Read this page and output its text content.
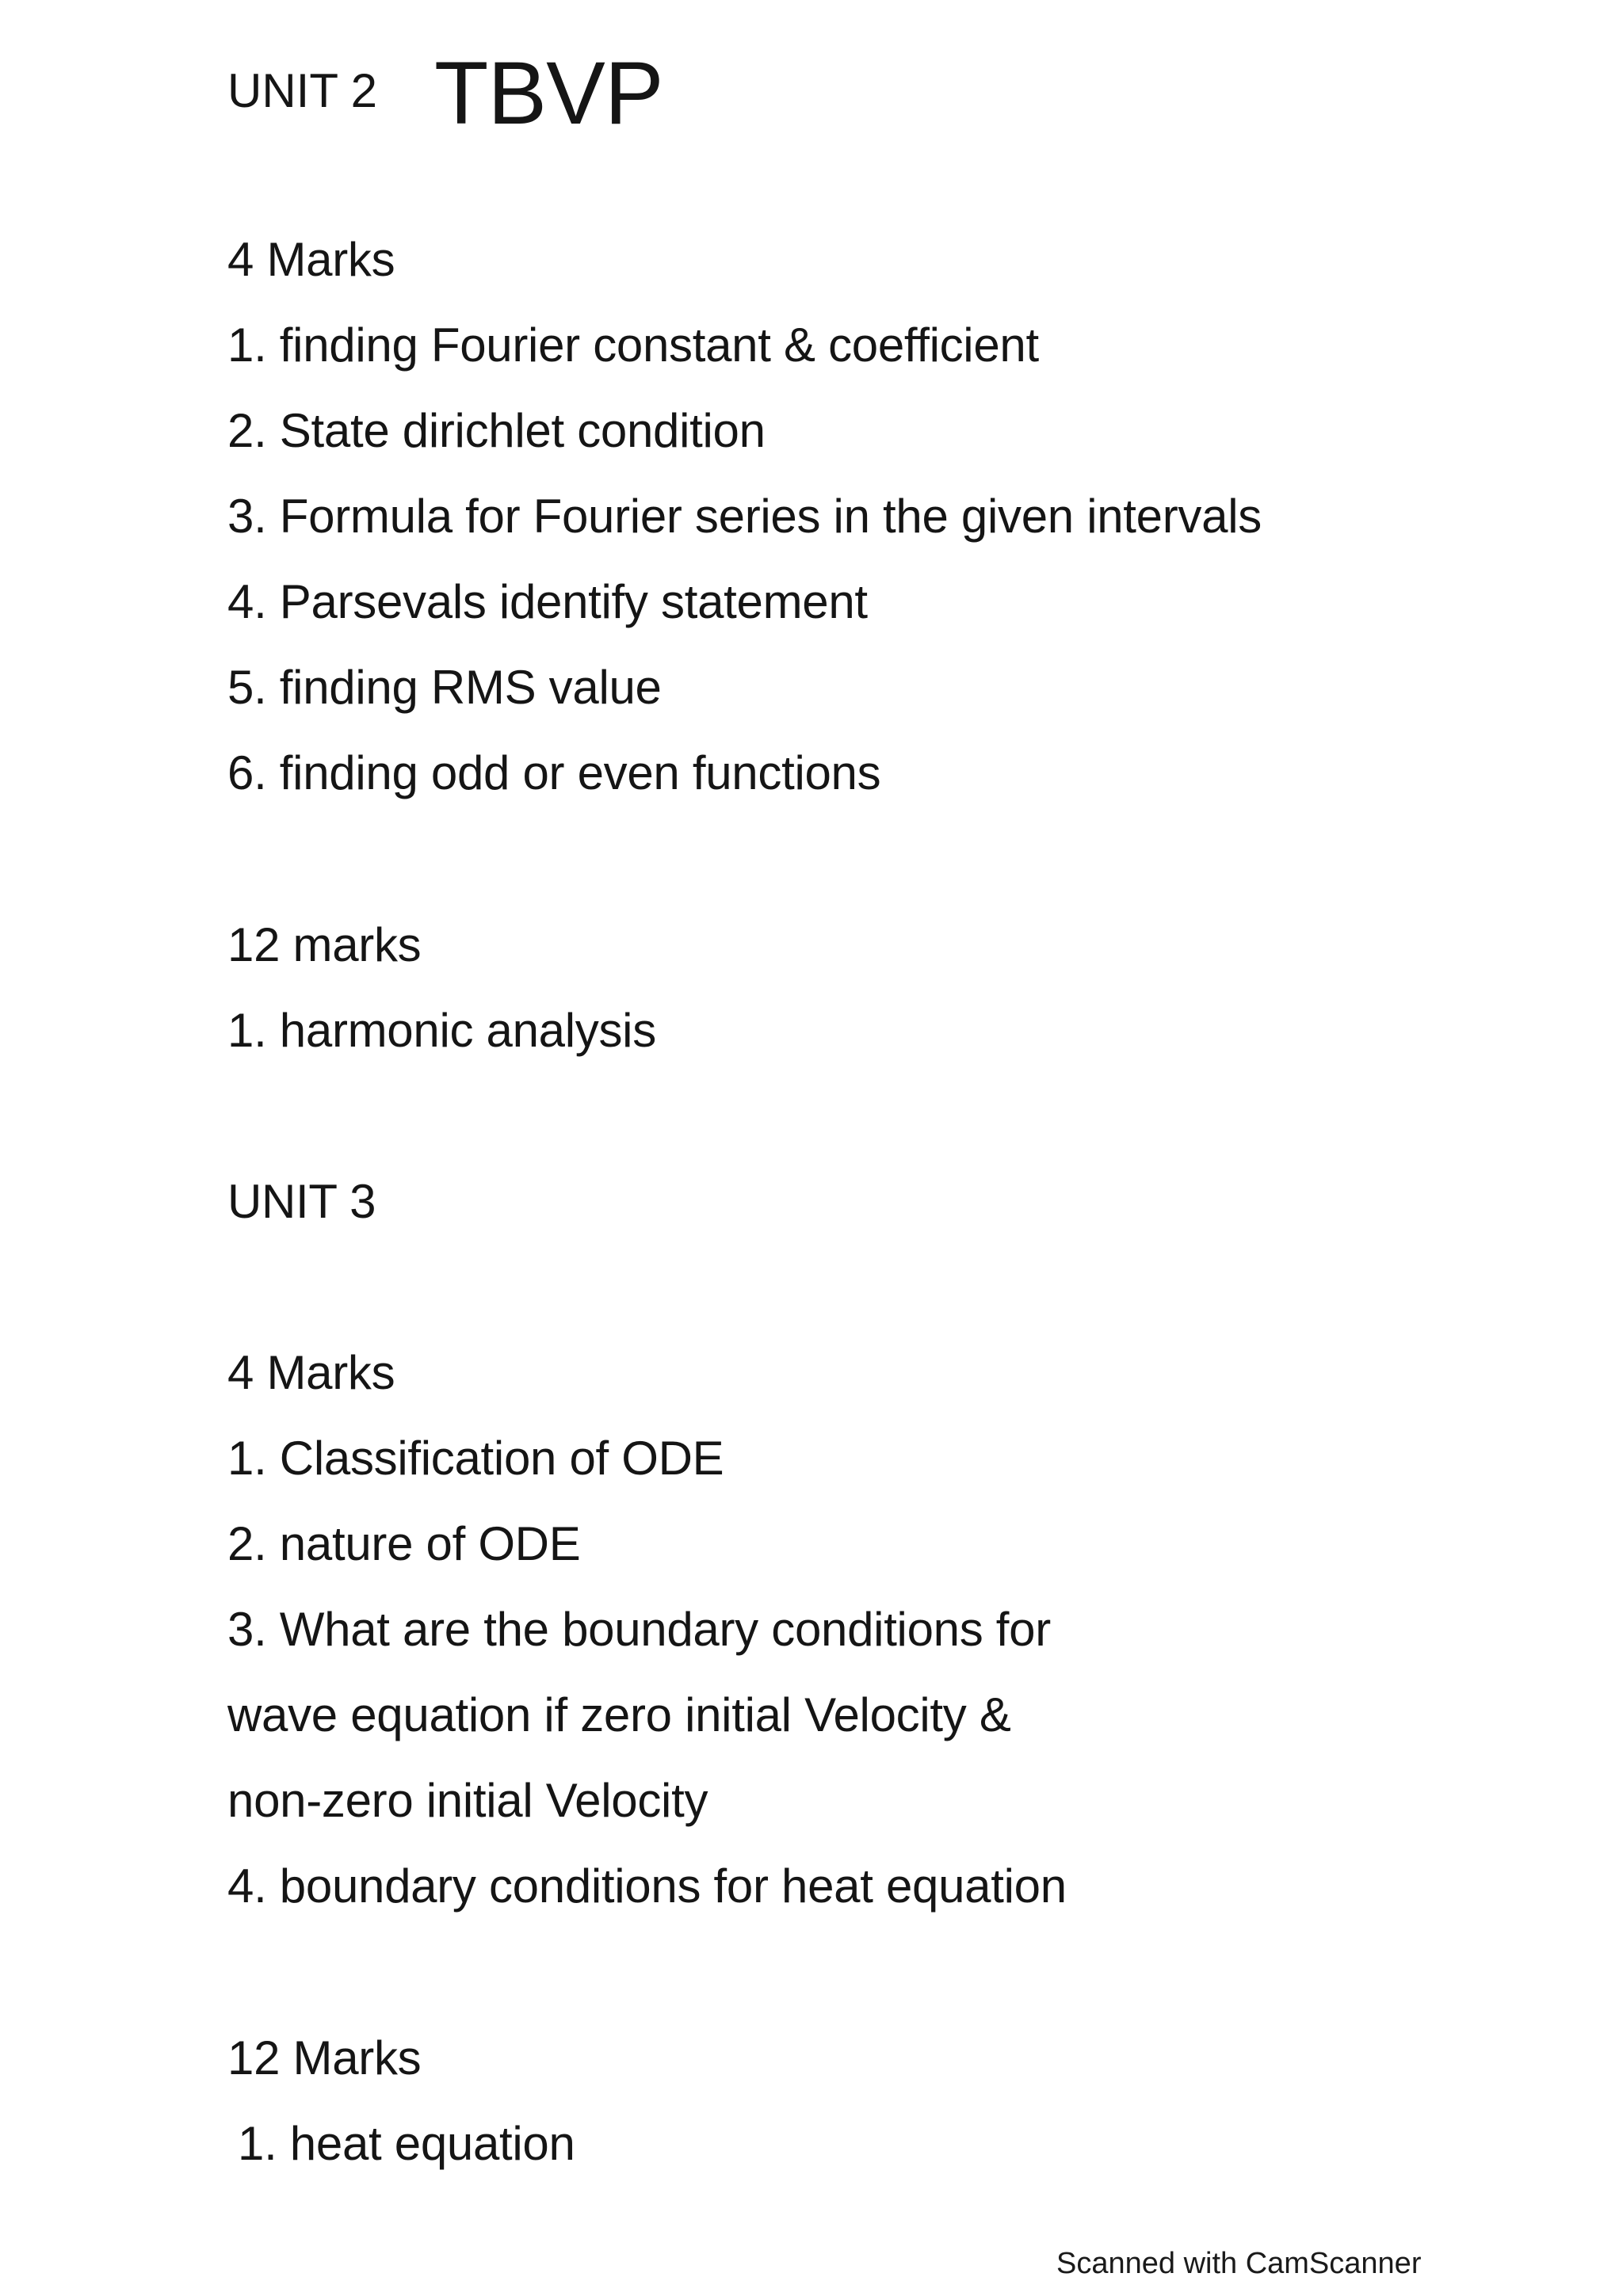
UNIT 2 TBVP
4 Marks
1. finding Fourier constant & coefficient
2. State dirichlet condition
3. Formula for Fourier series in the given intervals
4. Parsevals identify statement
5. finding RMS value
6. finding odd or even functions
12 marks
1. harmonic analysis
UNIT 3
4 Marks
1. Classification of ODE
2. nature of ODE
3. What are the boundary conditions for
wave equation if zero initial Velocity &
non-zero initial Velocity
4. boundary conditions for heat equation
12 Marks
1. heat equation
Scanned with CamScanner
